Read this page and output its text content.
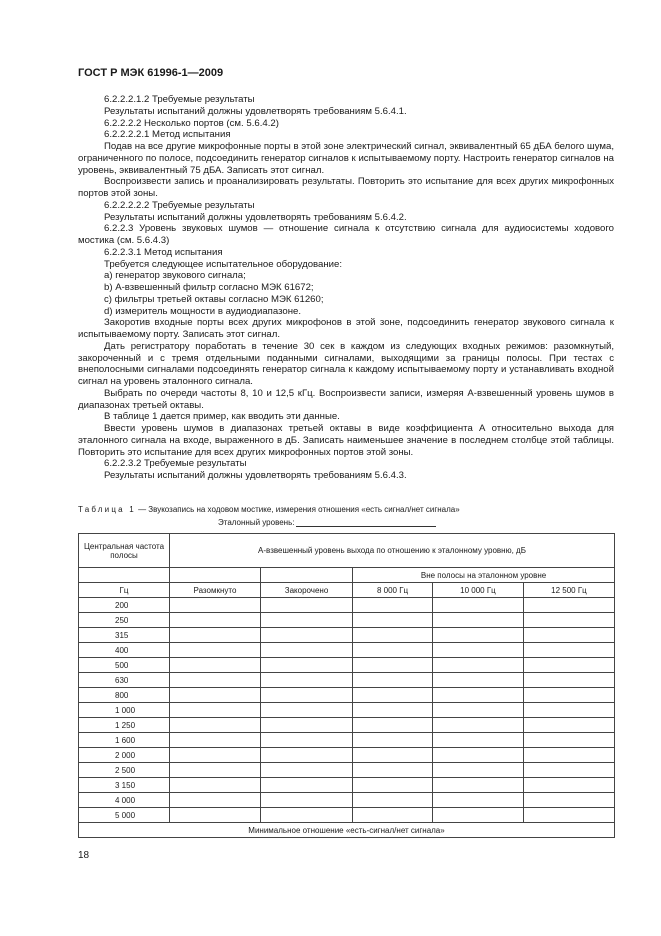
ГОСТ Р МЭК 61996-1—2009

6.2.2.2.1.2 Требуемые результаты

Результаты испытаний должны удовлетворять требованиям 5.6.4.1.

6.2.2.2.2 Несколько портов (см. 5.6.4.2)

6.2.2.2.2.1 Метод испытания

Подав на все другие микрофонные порты в этой зоне электрический сигнал, эквивалентный 65 дБА белого шума, ограниченного по полосе, подсоединить генератор сигналов к испытываемому порту. Настроить генератор сигналов на уровень, эквивалентный 75 дБА. Записать этот сигнал.

Воспроизвести запись и проанализировать результаты. Повторить это испытание для всех других микрофонных портов этой зоны.

6.2.2.2.2.2 Требуемые результаты

Результаты испытаний должны удовлетворять требованиям 5.6.4.2.

6.2.2.3 Уровень звуковых шумов — отношение сигнала к отсутствию сигнала для аудиосистемы ходового мостика (см. 5.6.4.3)

6.2.2.3.1 Метод испытания

Требуется следующее испытательное оборудование:

a) генератор звукового сигнала;

b) А-взвешенный фильтр согласно МЭК 61672;

c) фильтры третьей октавы согласно МЭК 61260;

d) измеритель мощности в аудиодиапазоне.

Закоротив входные порты всех других микрофонов в этой зоне, подсоединить генератор звукового сигнала к испытываемому порту. Записать этот сигнал.

Дать регистратору поработать в течение 30 сек в каждом из следующих входных режимов: разомкнутый, закороченный и с тремя отдельными поданными сигналами, выходящими за границы полосы. При тестах с внеполосными сигналами подсоединять генератор сигнала к каждому испытываемому порту и устанавливать входной сигнал на уровень эталонного сигнала.

Выбрать по очереди частоты 8, 10 и 12,5 кГц. Воспроизвести записи, измеряя А-взвешенный уровень шумов в диапазонах третьей октавы.

В таблице 1 дается пример, как вводить эти данные.

Ввести уровень шумов в диапазонах третьей октавы в виде коэффициента А относительно выхода для эталонного сигнала на входе, выраженного в дБ. Записать наименьшее значение в последнем столбце этой таблицы. Повторить это испытание для всех других микрофонных портов этой зоны.

6.2.2.3.2 Требуемые результаты

Результаты испытаний должны удовлетворять требованиям 5.6.4.3.

Таблица 1 — Звукозапись на ходовом мостике, измерения отношения «есть сигнал/нет сигнала»
Эталонный уровень:
Центральная частота полосы	А-взвешенный уровень выхода по отношению к эталонному уровню, дБ				
			Вне полосы на эталонном уровне		
Гц	Разомкнуто	Закорочено	8 000 Гц	10 000 Гц	12 500 Гц
200					
250					
315					
400					
500					
630					
800					
1 000					
1 250					
1 600					
2 000					
2 500					
3 150					
4 000					
5 000					
Минимальное отношение «есть-сигнал/нет сигнала»					
18
